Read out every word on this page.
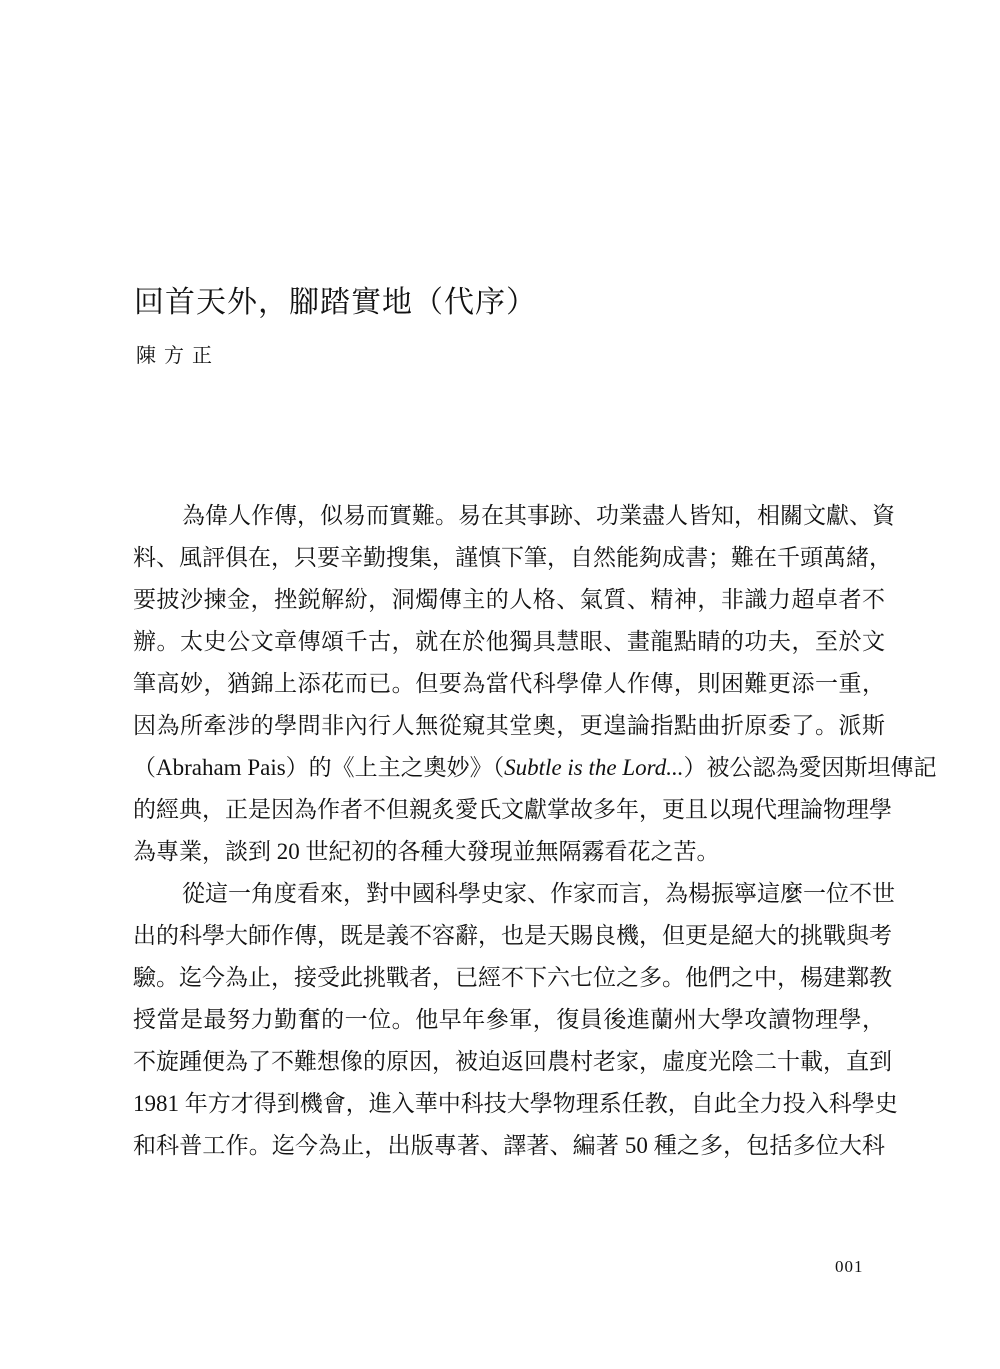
回首天外，腳踏實地（代序）
陳方正
為偉人作傳，似易而實難。易在其事跡、功業盡人皆知，相關文獻、資
料、風評俱在，只要辛勤搜集，謹慎下筆，自然能夠成書；難在千頭萬緒，
要披沙揀金，挫鋭解紛，洞燭傳主的人格、氣質、精神，非識力超卓者不
辦。太史公文章傳頌千古，就在於他獨具慧眼、畫龍點睛的功夫，至於文
筆高妙，猶錦上添花而已。但要為當代科學偉人作傳，則困難更添一重，
因為所牽涉的學問非內行人無從窺其堂奧，更遑論指點曲折原委了。派斯
（Abraham Pais）的《上主之奧妙》（Subtle is the Lord...）被公認為愛因斯坦傳記
的經典，正是因為作者不但親炙愛氏文獻掌故多年，更且以現代理論物理學
為專業，談到 20 世紀初的各種大發現並無隔霧看花之苦。
從這一角度看來，對中國科學史家、作家而言，為楊振寧這麼一位不世
出的科學大師作傳，既是義不容辭，也是天賜良機，但更是絕大的挑戰與考
驗。迄今為止，接受此挑戰者，已經不下六七位之多。他們之中，楊建鄴教
授當是最努力勤奮的一位。他早年參軍，復員後進蘭州大學攻讀物理學，
不旋踵便為了不難想像的原因，被迫返回農村老家，虛度光陰二十載，直到
1981 年方才得到機會，進入華中科技大學物理系任教，自此全力投入科學史
和科普工作。迄今為止，出版專著、譯著、編著 50 種之多，包括多位大科
001
